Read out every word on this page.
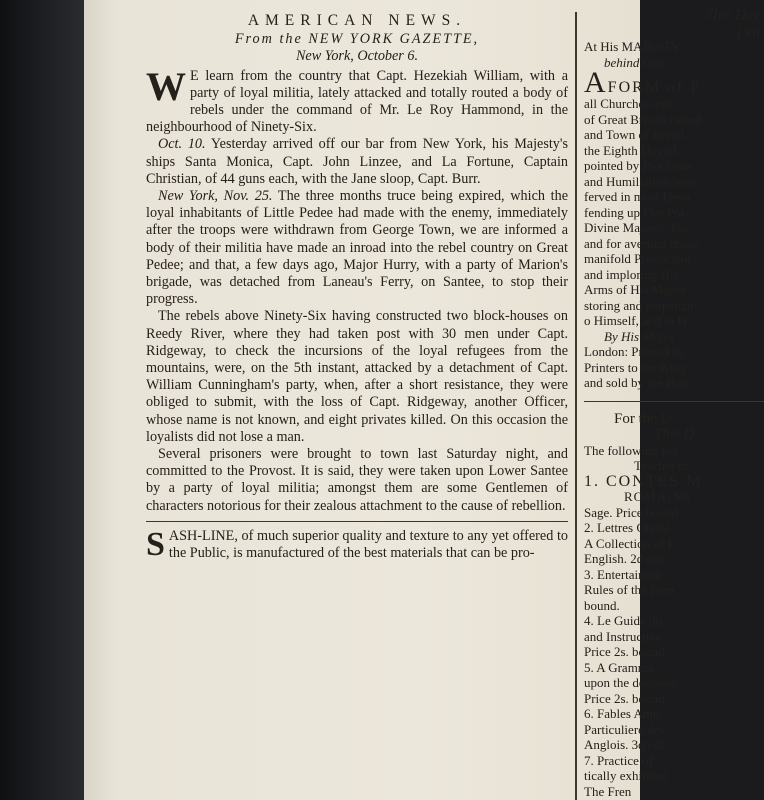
AMERICAN NEWS.
From the NEW YORK GAZETTE,
New York, October 6.

W E learn from the country that Capt. Hezekiah William, with a party of loyal militia, lately attacked and totally routed a body of rebels under the command of Mr. Le Roy Hammond, in the neighbourhood of Ninety-Six.

Oct. 10. Yesterday arrived off our bar from New York, his Majesty's ships Santa Monica, Capt. John Linzee, and La Fortune, Captain Christian, of 44 guns each, with the Jane sloop, Capt. Burr.

New York, Nov. 25. The three months truce being expired, which the loyal inhabitants of Little Pedee had made with the enemy, immediately after the troops were withdrawn from George Town, we are informed a body of their militia have made an inroad into the rebel country on Great Pedee; and that, a few days ago, Major Hurry, with a party of Marion's brigade, was detached from Laneau's Ferry, on Santee, to stop their progress.

The rebels above Ninety-Six having constructed two block-houses on Reedy River, where they had taken post with 30 men under Capt. Ridgeway, to check the incursions of the loyal refugees from the mountains, were, on the 5th instant, attacked by a detachment of Capt. William Cunningham's party, when, after a short resistance, they were obliged to submit, with the loss of Capt. Ridgeway, another Officer, whose name is not known, and eight privates killed. On this occasion the loyalists did not lose a man.

Several prisoners were brought to town last Saturday night, and committed to the Provost. It is said, they were taken upon Lower Santee by a party of loyal militia; amongst them are some Gentlemen of characters notorious for their zealous attachment to the cause of rebellion.

SASH-LINE, of much superior quality and texture to any yet offered to the Public, is manufactured of the best materials that can be pro-

This Day
( Pri
At His MAJESTY
behind Gug
AFORM of P
all Churches and
of Great Britain called
and Town of Berwi
the Eighth Day of
pointed by Proclama
and Humiliation befo
ferved in most Devo
fending up Our Pra
Divine Majesty: For
and for averting those
manifold Provocatio
and imploring His
Arms of His Majest
storing and perpetuat
o Himself, and to H
By His Majes
London: Printed by
Printers to the King
and sold by the Boo
For the U
This D
The following Bo
Teacher of
1. CONTES M
ROMAINS
Sage. Price bound
2. Lettres Choisi
A Collection of L
English. 2d edit.
3. Entertaining
Rules of the Fren
bound.
4. Le Guide du
and Instructive
Price 2s. bound.
5. A Gramma
upon the decision
Price 2s. bound.
6. Fables Amu
Particuliere des
Anglois. 3d edi
7. Practice of
tically exhibited
The Fren
